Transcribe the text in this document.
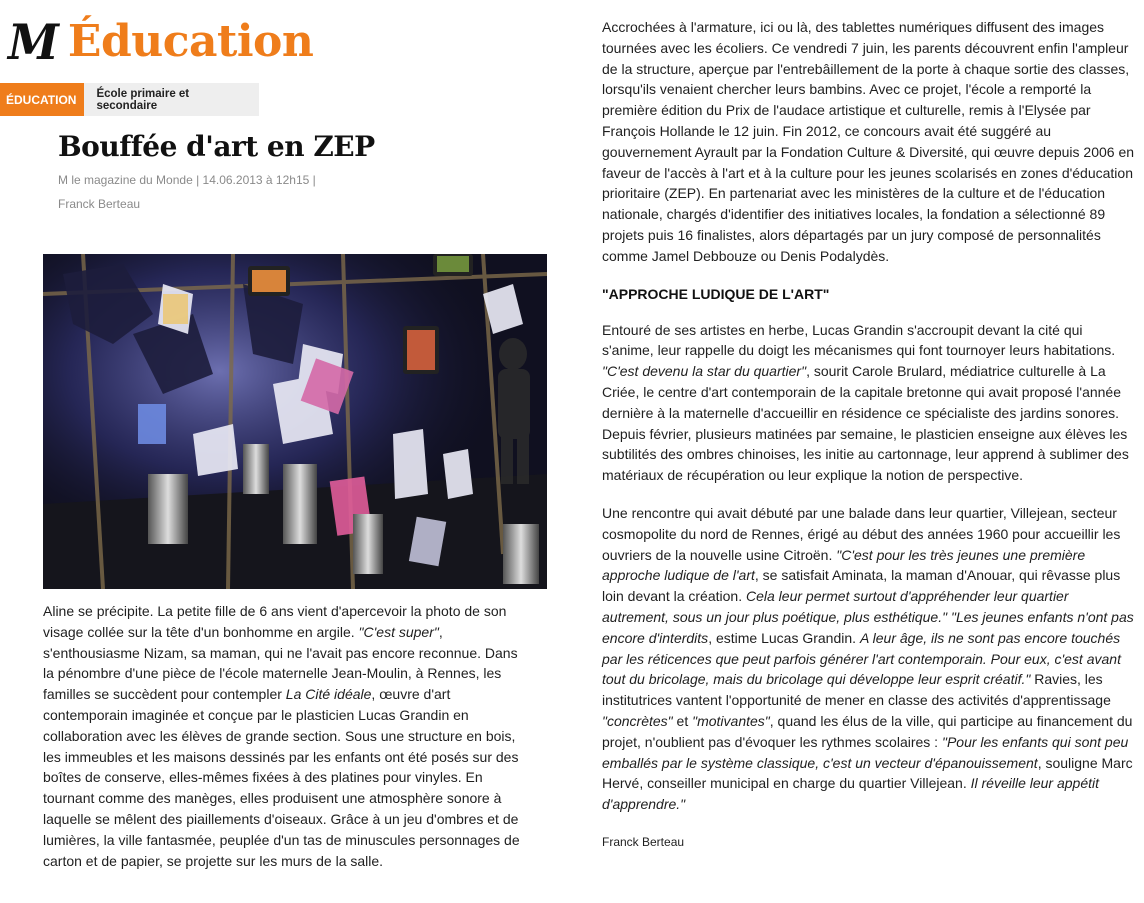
M Éducation
ÉDUCATION	École primaire et secondaire
Bouffée d'art en ZEP
M le magazine du Monde | 14.06.2013 à 12h15 |
Franck Berteau

Aline se précipite. La petite fille de 6 ans vient d'apercevoir la photo de son visage collée sur la tête d'un bonhomme en argile. "C'est super", s'enthousiasme Nizam, sa maman, qui ne l'avait pas encore reconnue. Dans la pénombre d'une pièce de l'école maternelle Jean-Moulin, à Rennes, les familles se succèdent pour contempler La Cité idéale, œuvre d'art contemporain imaginée et conçue par le plasticien Lucas Grandin en collaboration avec les élèves de grande section. Sous une structure en bois, les immeubles et les maisons dessinés par les enfants ont été posés sur des boîtes de conserve, elles-mêmes fixées à des platines pour vinyles. En tournant comme des manèges, elles produisent une atmosphère sonore à laquelle se mêlent des piaillements d'oiseaux. Grâce à un jeu d'ombres et de lumières, la ville fantasmée, peuplée d'un tas de minuscules personnages de carton et de papier, se projette sur les murs de la salle.

Accrochées à l'armature, ici ou là, des tablettes numériques diffusent des images tournées avec les écoliers. Ce vendredi 7 juin, les parents découvrent enfin l'ampleur de la structure, aperçue par l'entrebâillement de la porte à chaque sortie des classes, lorsqu'ils venaient chercher leurs bambins. Avec ce projet, l'école a remporté la première édition du Prix de l'audace artistique et culturelle, remis à l'Elysée par François Hollande le 12 juin. Fin 2012, ce concours avait été suggéré au gouvernement Ayrault par la Fondation Culture & Diversité, qui œuvre depuis 2006 en faveur de l'accès à l'art et à la culture pour les jeunes scolarisés en zones d'éducation prioritaire (ZEP). En partenariat avec les ministères de la culture et de l'éducation nationale, chargés d'identifier des initiatives locales, la fondation a sélectionné 89 projets puis 16 finalistes, alors départagés par un jury composé de personnalités comme Jamel Debbouze ou Denis Podalydès.

"APPROCHE LUDIQUE DE L'ART"

Entouré de ses artistes en herbe, Lucas Grandin s'accroupit devant la cité qui s'anime, leur rappelle du doigt les mécanismes qui font tournoyer leurs habitations. "C'est devenu la star du quartier", sourit Carole Brulard, médiatrice culturelle à La Criée, le centre d'art contemporain de la capitale bretonne qui avait proposé l'année dernière à la maternelle d'accueillir en résidence ce spécialiste des jardins sonores. Depuis février, plusieurs matinées par semaine, le plasticien enseigne aux élèves les subtilités des ombres chinoises, les initie au cartonnage, leur apprend à sublimer des matériaux de récupération ou leur explique la notion de perspective.

Une rencontre qui avait débuté par une balade dans leur quartier, Villejean, secteur cosmopolite du nord de Rennes, érigé au début des années 1960 pour accueillir les ouvriers de la nouvelle usine Citroën. "C'est pour les très jeunes une première approche ludique de l'art, se satisfait Aminata, la maman d'Anouar, qui rêvasse plus loin devant la création. Cela leur permet surtout d'appréhender leur quartier autrement, sous un jour plus poétique, plus esthétique." "Les jeunes enfants n'ont pas encore d'interdits, estime Lucas Grandin. A leur âge, ils ne sont pas encore touchés par les réticences que peut parfois générer l'art contemporain. Pour eux, c'est avant tout du bricolage, mais du bricolage qui développe leur esprit créatif." Ravies, les institutrices vantent l'opportunité de mener en classe des activités d'apprentissage "concrètes" et "motivantes", quand les élus de la ville, qui participe au financement du projet, n'oublient pas d'évoquer les rythmes scolaires : "Pour les enfants qui sont peu emballés par le système classique, c'est un vecteur d'épanouissement, souligne Marc Hervé, conseiller municipal en charge du quartier Villejean. Il réveille leur appétit d'apprendre."

Franck Berteau
